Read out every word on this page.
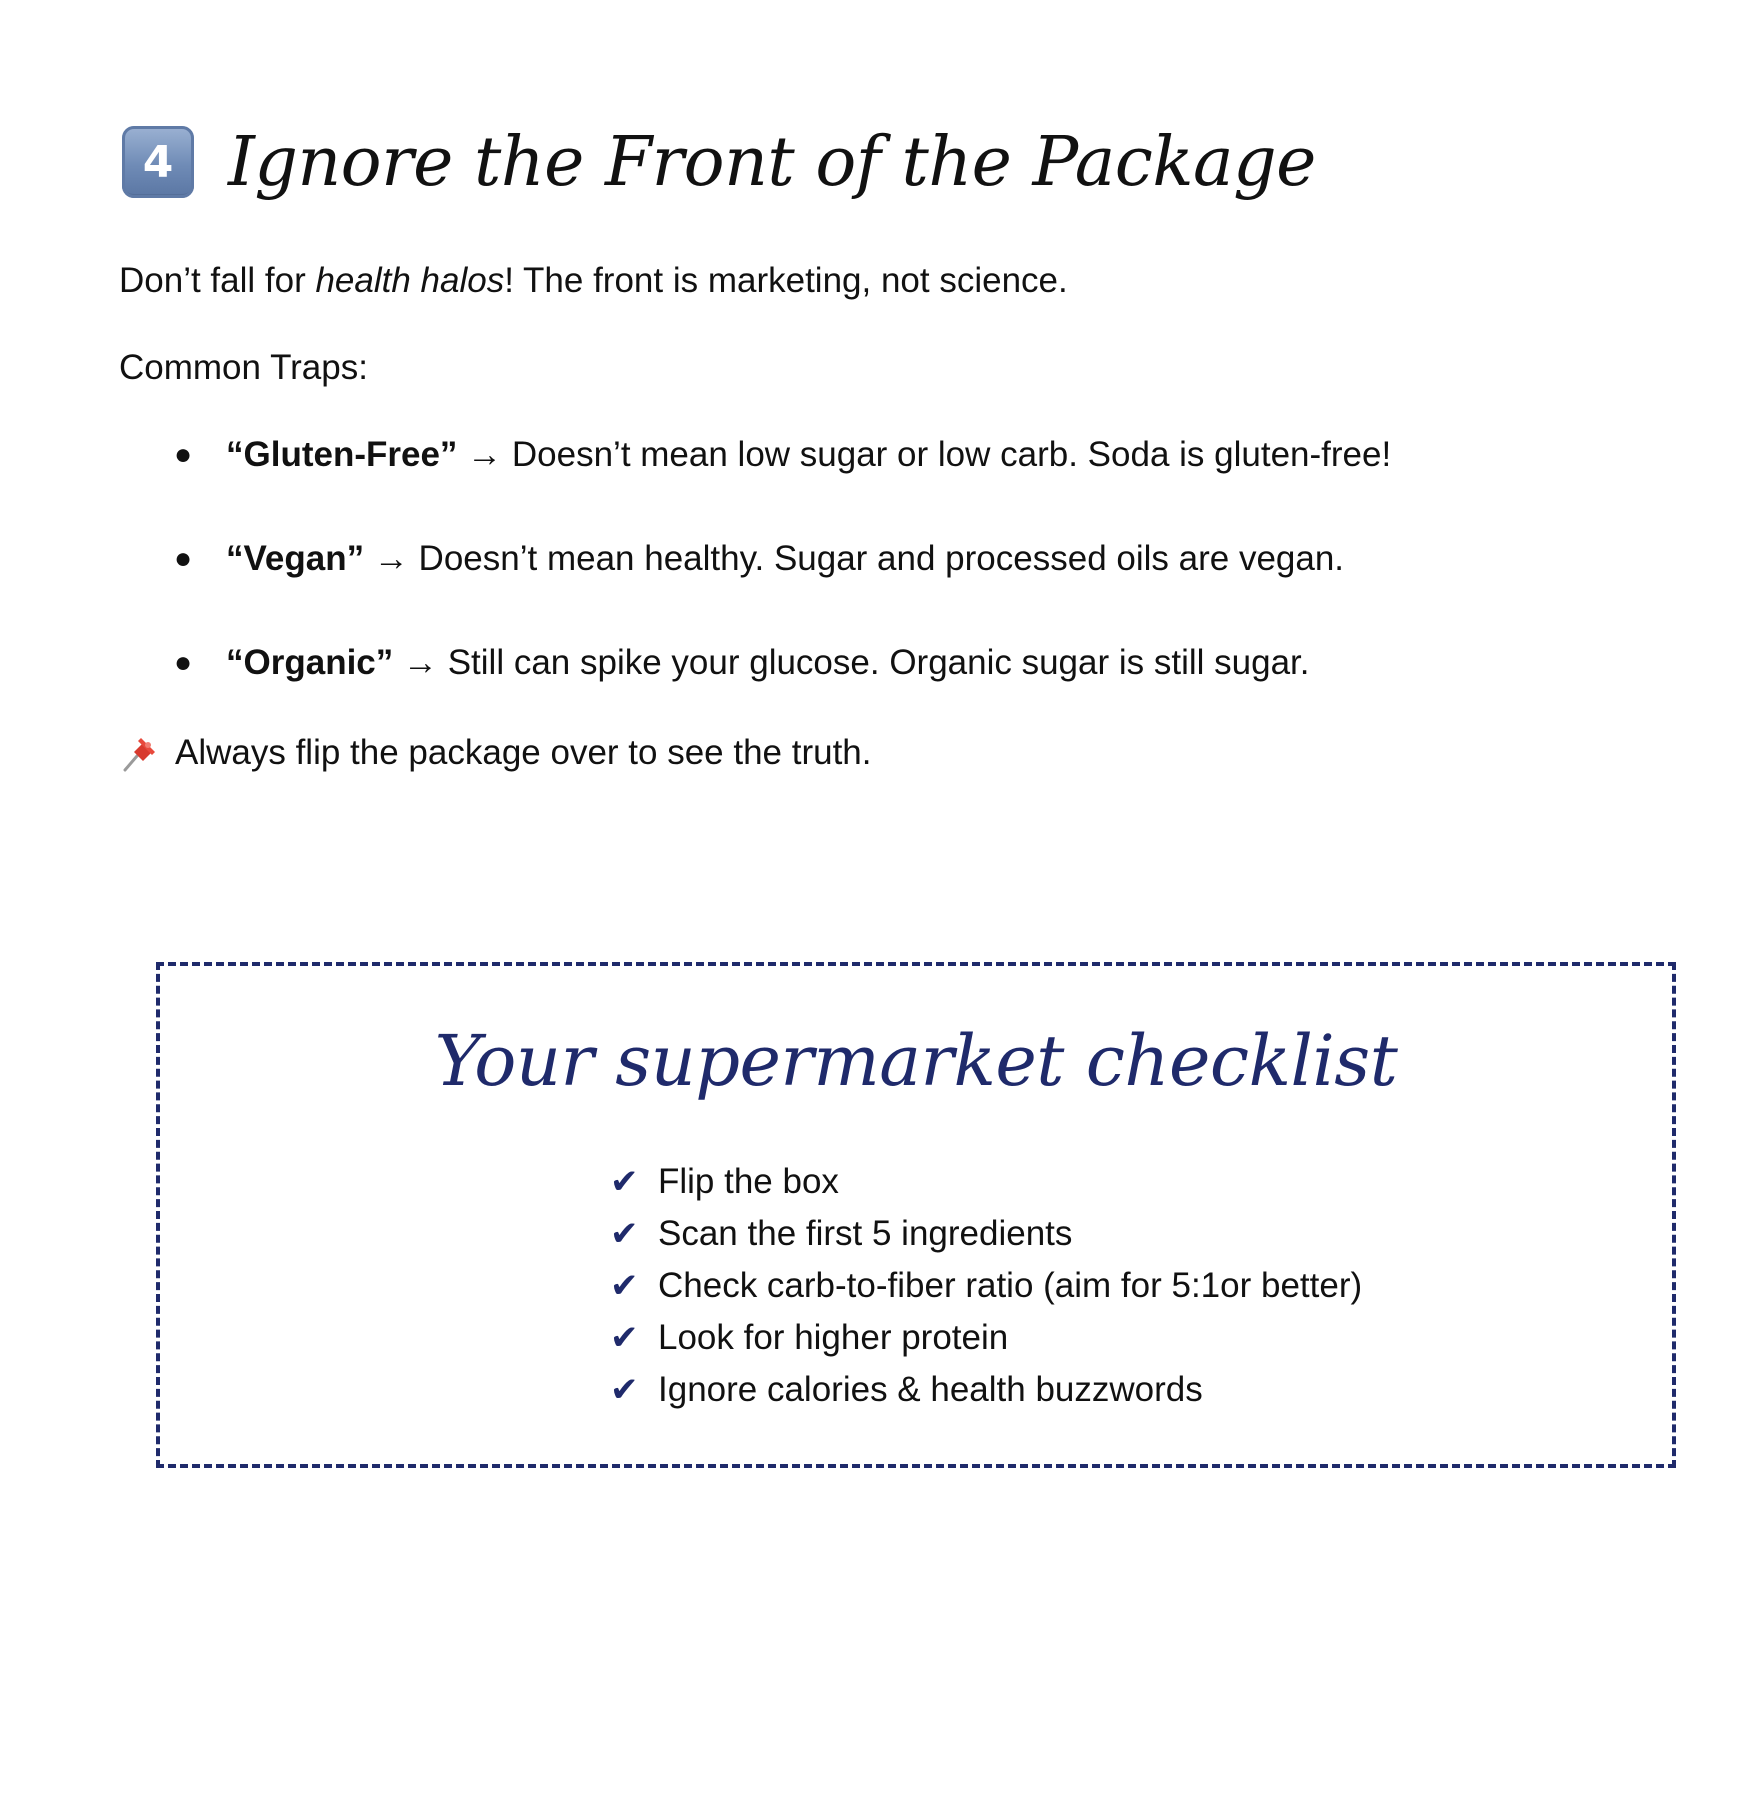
4 Ignore the Front of the Package
Don’t fall for health halos! The front is marketing, not science.
Common Traps:
● “Gluten-Free” → Doesn’t mean low sugar or low carb. Soda is gluten-free!
● “Vegan” → Doesn’t mean healthy. Sugar and processed oils are vegan.
● “Organic” → Still can spike your glucose. Organic sugar is still sugar.
Always flip the package over to see the truth.
Your supermarket checklist
✔ Flip the box
✔ Scan the first 5 ingredients
✔ Check carb-to-fiber ratio (aim for 5:1or better)
✔ Look for higher protein
✔ Ignore calories & health buzzwords
